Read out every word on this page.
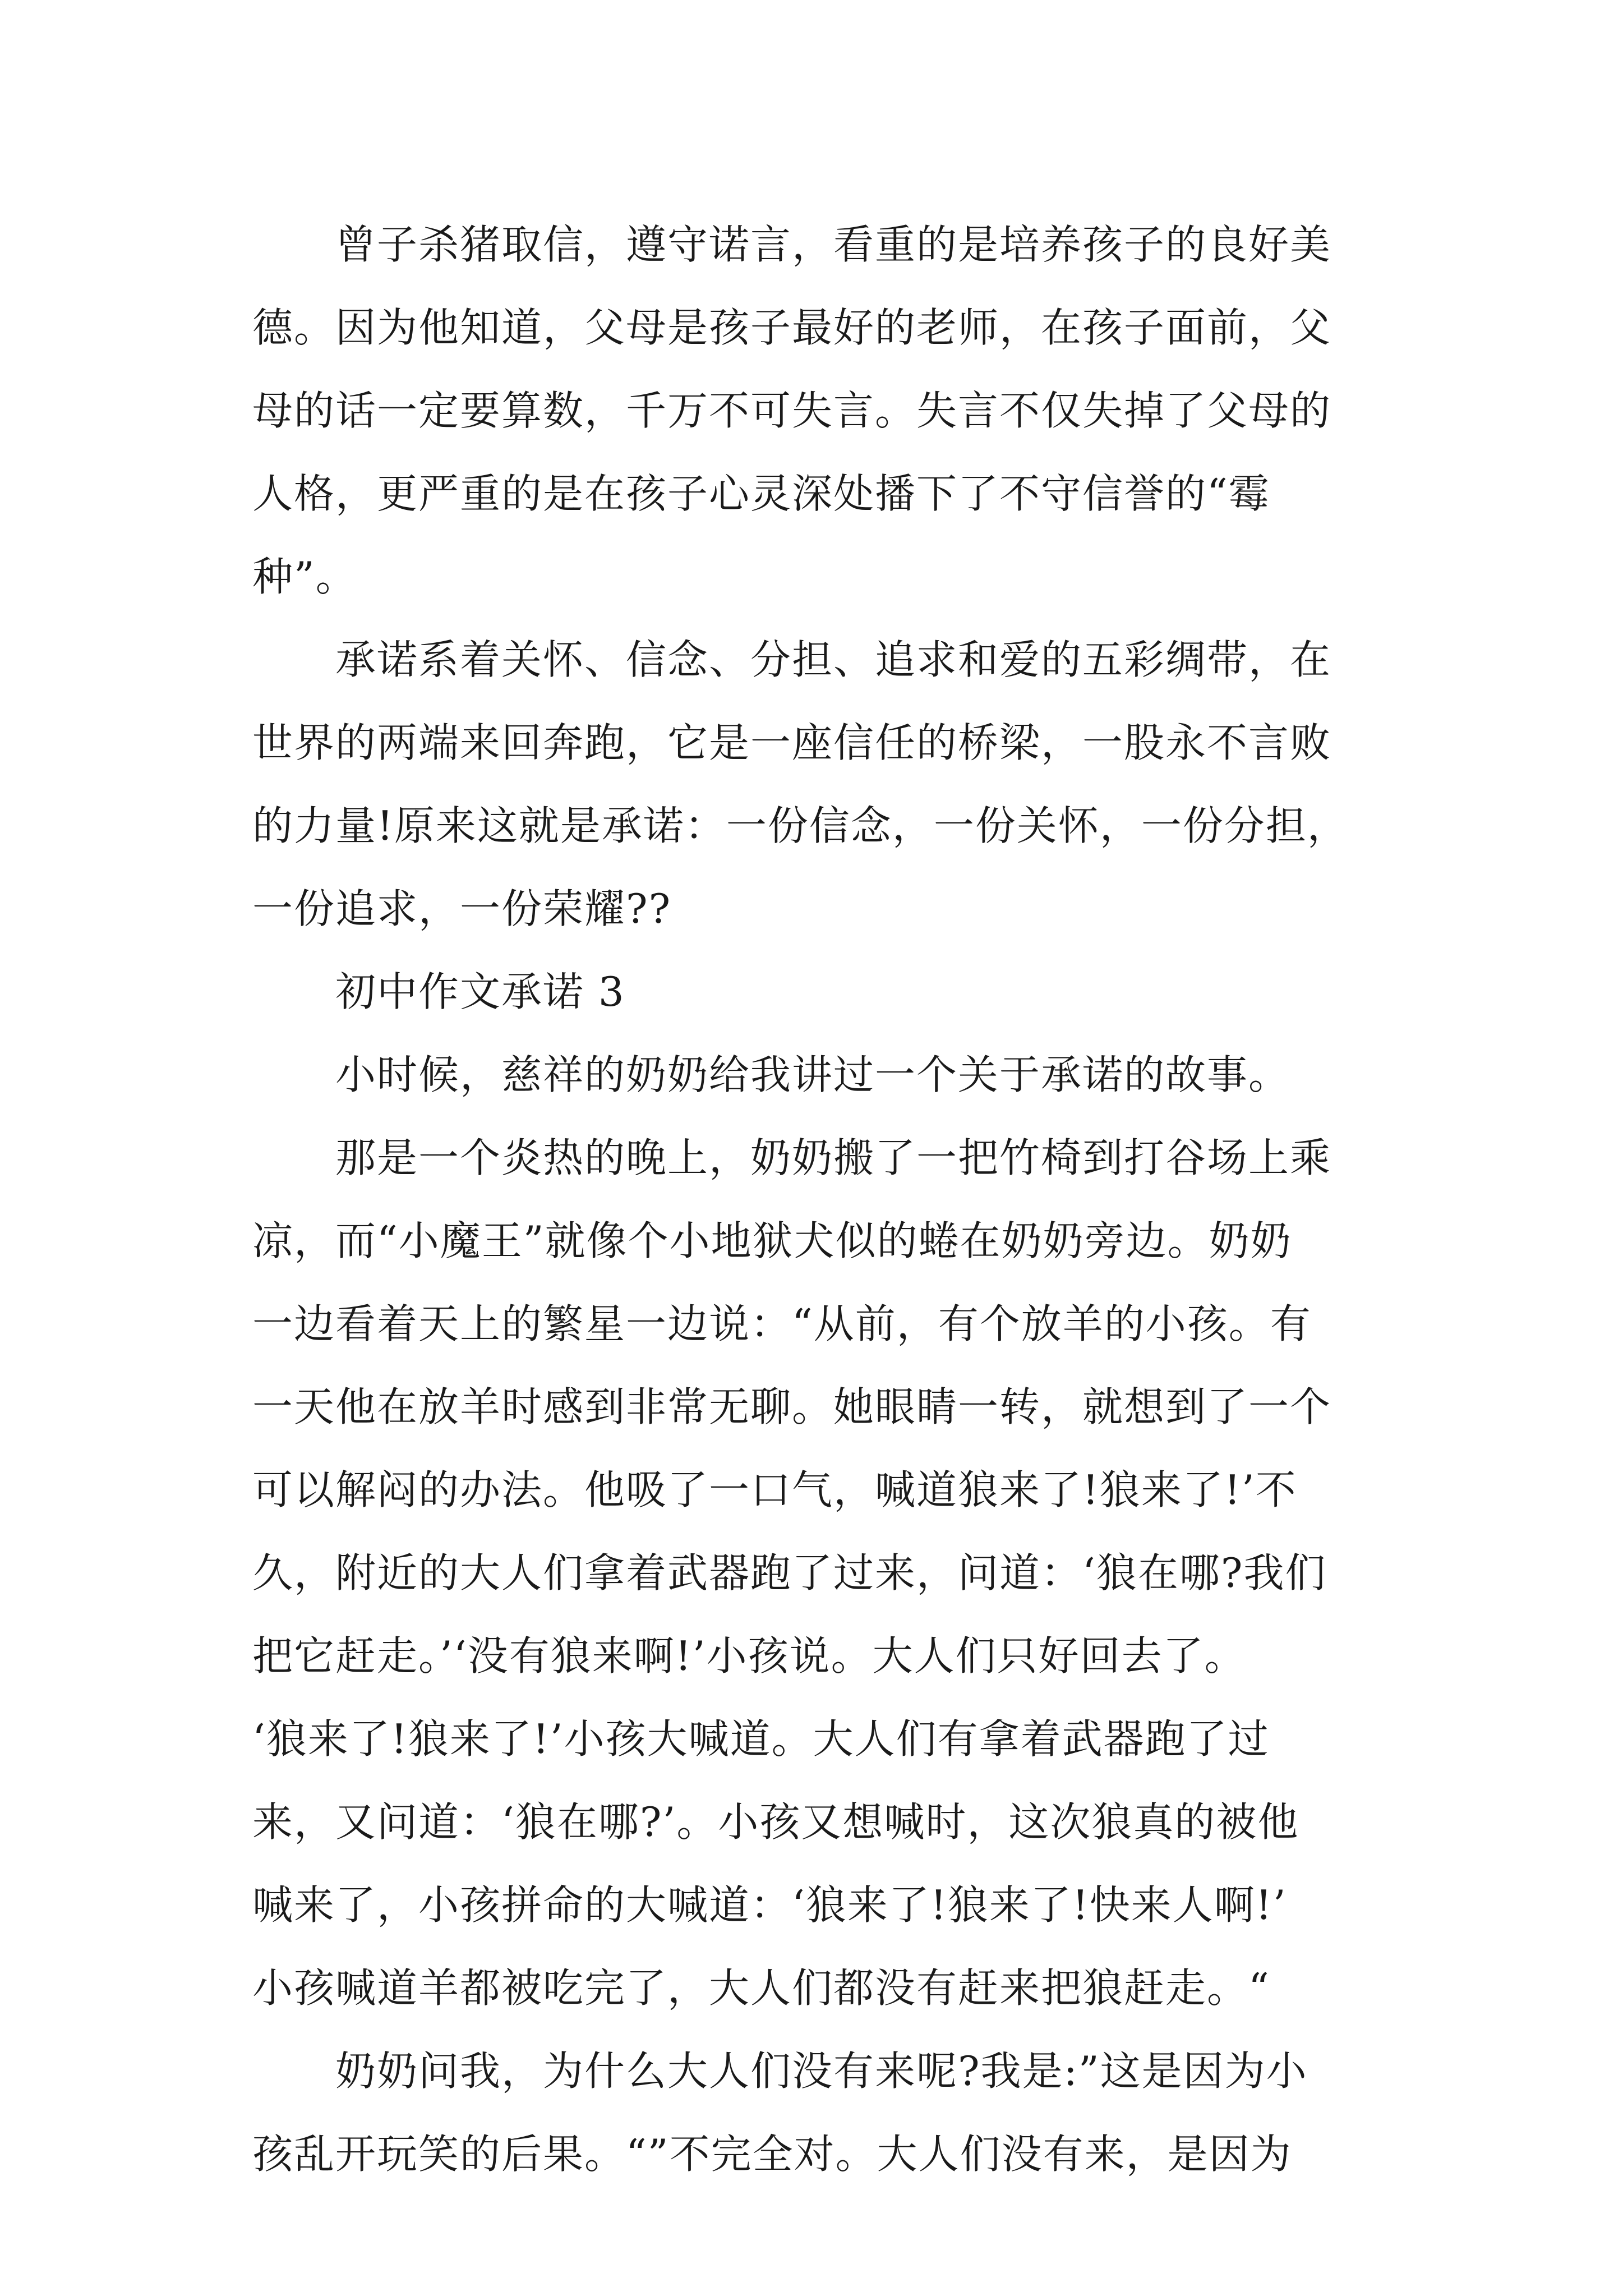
　　曾子杀猪取信，遵守诺言，看重的是培养孩子的良好美
德。因为他知道，父母是孩子最好的老师，在孩子面前，父
母的话一定要算数，千万不可失言。失言不仅失掉了父母的
人格，更严重的是在孩子心灵深处播下了不守信誉的“霉
种”。
　　承诺系着关怀、信念、分担、追求和爱的五彩绸带，在
世界的两端来回奔跑，它是一座信任的桥梁，一股永不言败
的力量!原来这就是承诺：一份信念，一份关怀，一份分担，
一份追求，一份荣耀??
　　初中作文承诺 3
　　小时候，慈祥的奶奶给我讲过一个关于承诺的故事。
　　那是一个炎热的晚上，奶奶搬了一把竹椅到打谷场上乘
凉，而“小魔王”就像个小地狱犬似的蜷在奶奶旁边。奶奶
一边看着天上的繁星一边说：“从前，有个放羊的小孩。有
一天他在放羊时感到非常无聊。她眼睛一转，就想到了一个
可以解闷的办法。他吸了一口气，喊道狼来了!狼来了!’不
久，附近的大人们拿着武器跑了过来，问道：‘狼在哪?我们
把它赶走。’‘没有狼来啊!’小孩说。大人们只好回去了。
‘狼来了!狼来了!’小孩大喊道。大人们有拿着武器跑了过
来，又问道：‘狼在哪?’。小孩又想喊时，这次狼真的被他
喊来了，小孩拼命的大喊道：‘狼来了!狼来了!快来人啊!’
小孩喊道羊都被吃完了，大人们都没有赶来把狼赶走。“
　　奶奶问我，为什么大人们没有来呢?我是:”这是因为小
孩乱开玩笑的后果。“”不完全对。大人们没有来，是因为
